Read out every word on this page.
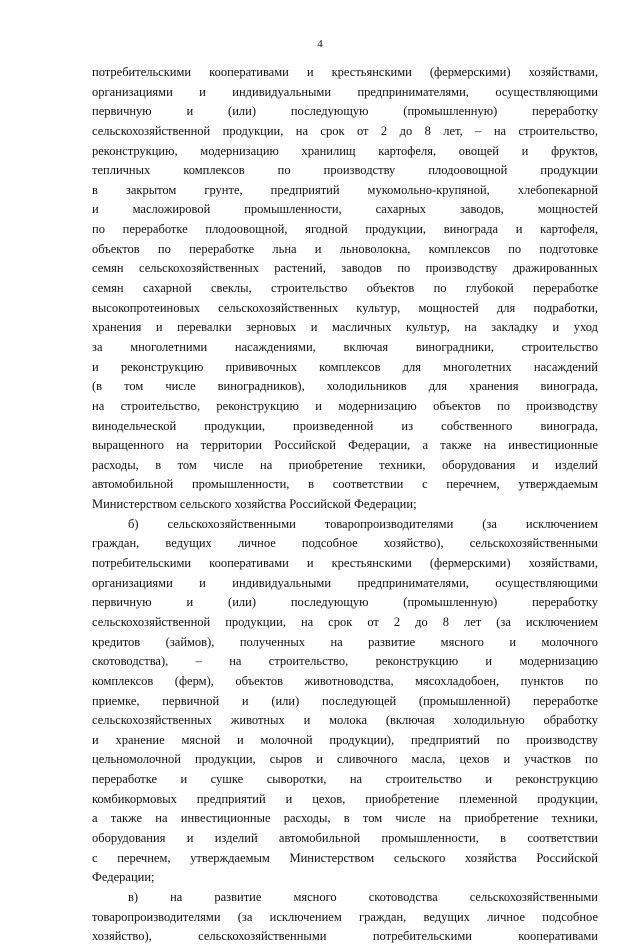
4
потребительскими кооперативами и крестьянскими (фермерскими) хозяйствами,
организациями и индивидуальными предпринимателями, осуществляющими
первичную и (или) последующую (промышленную) переработку
сельскохозяйственной продукции, на срок от 2 до 8 лет, – на строительство,
реконструкцию, модернизацию хранилищ картофеля, овощей и фруктов,
тепличных комплексов по производству плодоовощной продукции
в закрытом грунте, предприятий мукомольно-крупяной, хлебопекарной
и масложировой промышленности, сахарных заводов, мощностей
по переработке плодоовощной, ягодной продукции, винограда и картофеля,
объектов по переработке льна и льноволокна, комплексов по подготовке
семян сельскохозяйственных растений, заводов по производству дражированных
семян сахарной свеклы, строительство объектов по глубокой переработке
высокопротеиновых сельскохозяйственных культур, мощностей для подработки,
хранения и перевалки зерновых и масличных культур, на закладку и уход
за многолетними насаждениями, включая виноградники, строительство
и реконструкцию прививочных комплексов для многолетних насаждений
(в том числе виноградников), холодильников для хранения винограда,
на строительство, реконструкцию и модернизацию объектов по производству
винодельческой продукции, произведенной из собственного винограда,
выращенного на территории Российской Федерации, а также на инвестиционные
расходы, в том числе на приобретение техники, оборудования и изделий
автомобильной промышленности, в соответствии с перечнем, утверждаемым
Министерством сельского хозяйства Российской Федерации;
б) сельскохозяйственными товаропроизводителями (за исключением
граждан, ведущих личное подсобное хозяйство), сельскохозяйственными
потребительскими кооперативами и крестьянскими (фермерскими) хозяйствами,
организациями и индивидуальными предпринимателями, осуществляющими
первичную и (или) последующую (промышленную) переработку
сельскохозяйственной продукции, на срок от 2 до 8 лет (за исключением
кредитов (займов), полученных на развитие мясного и молочного
скотоводства), – на строительство, реконструкцию и модернизацию
комплексов (ферм), объектов животноводства, мясохладобоен, пунктов по
приемке, первичной и (или) последующей (промышленной) переработке
сельскохозяйственных животных и молока (включая холодильную обработку
и хранение мясной и молочной продукции), предприятий по производству
цельномолочной продукции, сыров и сливочного масла, цехов и участков по
переработке и сушке сыворотки, на строительство и реконструкцию
комбикормовых предприятий и цехов, приобретение племенной продукции,
а также на инвестиционные расходы, в том числе на приобретение техники,
оборудования и изделий автомобильной промышленности, в соответствии
с перечнем, утверждаемым Министерством сельского хозяйства Российской
Федерации;
в) на развитие мясного скотоводства сельскохозяйственными
товаропроизводителями (за исключением граждан, ведущих личное подсобное
хозяйство), сельскохозяйственными потребительскими кооперативами
